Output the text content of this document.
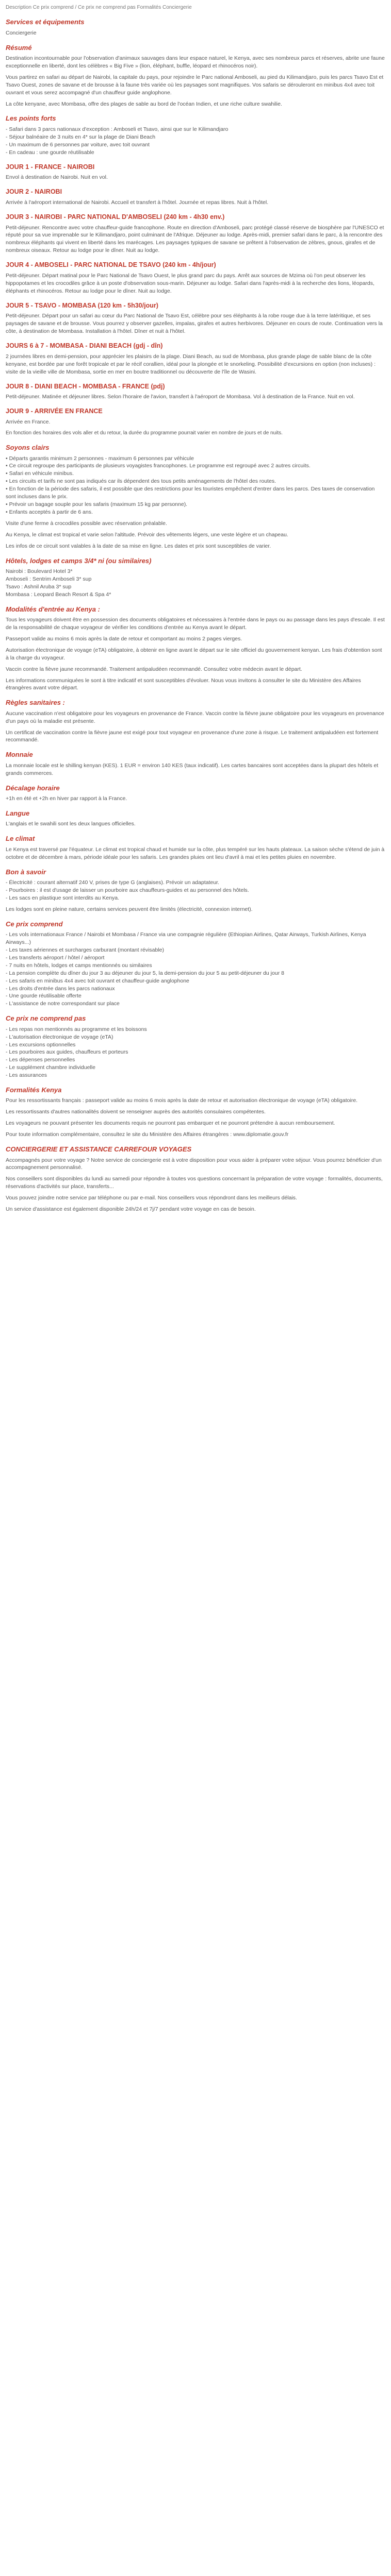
Description Ce prix comprend / Ce prix ne comprend pas Formalités Conciergerie
Services et équipements

Conciergerie

Résumé

Destination incontournable pour l'observation d'animaux sauvages dans leur espace naturel, le Kenya, avec ses nombreux parcs et réserves, abrite une faune exceptionnelle en liberté, dont les célèbres « Big Five » (lion, éléphant, buffle, léopard et rhinocéros noir).

Vous partirez en safari au départ de Nairobi, la capitale du pays, pour rejoindre le Parc national Amboseli, au pied du Kilimandjaro, puis les parcs Tsavo Est et Tsavo Ouest, zones de savane et de brousse à la faune très variée où les paysages sont magnifiques. Vos safaris se dérouleront en minibus 4x4 avec toit ouvrant et vous serez accompagné d'un chauffeur guide anglophone.

La côte kenyane, avec Mombasa, offre des plages de sable au bord de l'océan Indien, et une riche culture swahilie.

Les points forts
- Safari dans 3 parcs nationaux d'exception : Amboseli et Tsavo, ainsi que sur le Kilimandjaro
- Séjour balnéaire de 3 nuits en 4* sur la plage de Diani Beach
- Un maximum de 6 personnes par voiture, avec toit ouvrant
- En cadeau : une gourde réutilisable
JOUR 1 - FRANCE - NAIROBI

Envol à destination de Nairobi. Nuit en vol.

JOUR 2 - NAIROBI

Arrivée à l'aéroport international de Nairobi. Accueil et transfert à l'hôtel. Journée et repas libres. Nuit à l'hôtel.

JOUR 3 - NAIROBI - PARC NATIONAL D'AMBOSELI (240 km - 4h30 env.)

Petit-déjeuner. Rencontre avec votre chauffeur-guide francophone. Route en direction d'Amboseli, parc protégé classé réserve de biosphère par l'UNESCO et réputé pour sa vue imprenable sur le Kilimandjaro, point culminant de l'Afrique. Déjeuner au lodge. Après-midi, premier safari dans le parc, à la rencontre des nombreux éléphants qui vivent en liberté dans les marécages. Les paysages typiques de savane se prêtent à l'observation de zèbres, gnous, girafes et de nombreux oiseaux. Retour au lodge pour le dîner. Nuit au lodge.

JOUR 4 - AMBOSELI - PARC NATIONAL DE TSAVO (240 km - 4h/jour)

Petit-déjeuner. Départ matinal pour le Parc National de Tsavo Ouest, le plus grand parc du pays. Arrêt aux sources de Mzima où l'on peut observer les hippopotames et les crocodiles grâce à un poste d'observation sous-marin. Déjeuner au lodge. Safari dans l'après-midi à la recherche des lions, léopards, éléphants et rhinocéros. Retour au lodge pour le dîner. Nuit au lodge.

JOUR 5 - TSAVO - MOMBASA (120 km - 5h30/jour)

Petit-déjeuner. Départ pour un safari au cœur du Parc National de Tsavo Est, célèbre pour ses éléphants à la robe rouge due à la terre latéritique, et ses paysages de savane et de brousse. Vous pourrez y observer gazelles, impalas, girafes et autres herbivores. Déjeuner en cours de route. Continuation vers la côte, à destination de Mombasa. Installation à l'hôtel. Dîner et nuit à l'hôtel.

JOURS 6 à 7 - MOMBASA - DIANI BEACH (gdj - dîn)

2 journées libres en demi-pension, pour apprécier les plaisirs de la plage. Diani Beach, au sud de Mombasa, plus grande plage de sable blanc de la côte kenyane, est bordée par une forêt tropicale et par le récif corallien, idéal pour la plongée et le snorkeling. Possibilité d'excursions en option (non incluses) : visite de la vieille ville de Mombasa, sortie en mer en boutre traditionnel ou découverte de l'île de Wasini.

JOUR 8 - DIANI BEACH - MOMBASA - FRANCE (pdj)

Petit-déjeuner. Matinée et déjeuner libres. Selon l'horaire de l'avion, transfert à l'aéroport de Mombasa. Vol à destination de la France. Nuit en vol.

JOUR 9 - ARRIVÉE EN FRANCE

Arrivée en France.

En fonction des horaires des vols aller et du retour, la durée du programme pourrait varier en nombre de jours et de nuits.

Soyons clairs
• Départs garantis minimum 2 personnes - maximum 6 personnes par véhicule
• Ce circuit regroupe des participants de plusieurs voyagistes francophones. Le programme est regroupé avec 2 autres circuits.
• Safari en véhicule minibus.
• Les circuits et tarifs ne sont pas indiqués car ils dépendent des tous petits aménagements de l'hôtel des routes.
• En fonction de la période des safaris, il est possible que des restrictions pour les touristes empêchent d'entrer dans les parcs. Des taxes de conservation sont incluses dans le prix.
• Prévoir un bagage souple pour les safaris (maximum 15 kg par personne).
• Enfants acceptés à partir de 6 ans.

Visite d'une ferme à crocodiles possible avec réservation préalable.

Au Kenya, le climat est tropical et varie selon l'altitude. Prévoir des vêtements légers, une veste légère et un chapeau.

Les infos de ce circuit sont valables à la date de sa mise en ligne. Les dates et prix sont susceptibles de varier.

Hôtels, lodges et camps 3/4* ni (ou similaires)
Nairobi : Boulevard Hotel 3*
Amboseli : Sentrim Amboseli 3* sup
Tsavo : Ashnil Aruba 3* sup
Mombasa : Leopard Beach Resort & Spa 4*
Modalités d'entrée au Kenya :

Tous les voyageurs doivent être en possession des documents obligatoires et nécessaires à l'entrée dans le pays ou au passage dans les pays d'escale. Il est de la responsabilité de chaque voyageur de vérifier les conditions d'entrée au Kenya avant le départ.

Passeport valide au moins 6 mois après la date de retour et comportant au moins 2 pages vierges.

Autorisation électronique de voyage (eTA) obligatoire, à obtenir en ligne avant le départ sur le site officiel du gouvernement kenyan. Les frais d'obtention sont à la charge du voyageur.

Vaccin contre la fièvre jaune recommandé. Traitement antipaludéen recommandé. Consultez votre médecin avant le départ.

Les informations communiquées le sont à titre indicatif et sont susceptibles d'évoluer. Nous vous invitons à consulter le site du Ministère des Affaires étrangères avant votre départ.

Règles sanitaires :

Aucune vaccination n'est obligatoire pour les voyageurs en provenance de France. Vaccin contre la fièvre jaune obligatoire pour les voyageurs en provenance d'un pays où la maladie est présente.

Un certificat de vaccination contre la fièvre jaune est exigé pour tout voyageur en provenance d'une zone à risque. Le traitement antipaludéen est fortement recommandé.

Monnaie

La monnaie locale est le shilling kenyan (KES). 1 EUR = environ 140 KES (taux indicatif). Les cartes bancaires sont acceptées dans la plupart des hôtels et grands commerces.

Décalage horaire

+1h en été et +2h en hiver par rapport à la France.

Langue

L'anglais et le swahili sont les deux langues officielles.

Le climat

Le Kenya est traversé par l'équateur. Le climat est tropical chaud et humide sur la côte, plus tempéré sur les hauts plateaux. La saison sèche s'étend de juin à octobre et de décembre à mars, période idéale pour les safaris. Les grandes pluies ont lieu d'avril à mai et les petites pluies en novembre.

Bon à savoir
- Électricité : courant alternatif 240 V, prises de type G (anglaises). Prévoir un adaptateur.
- Pourboires : il est d'usage de laisser un pourboire aux chauffeurs-guides et au personnel des hôtels.
- Les sacs en plastique sont interdits au Kenya.

Les lodges sont en pleine nature, certains services peuvent être limités (électricité, connexion internet).

Ce prix comprend
- Les vols internationaux France / Nairobi et Mombasa / France via une compagnie régulière (Ethiopian Airlines, Qatar Airways, Turkish Airlines, Kenya Airways...)
- Les taxes aériennes et surcharges carburant (montant révisable)
- Les transferts aéroport / hôtel / aéroport
- 7 nuits en hôtels, lodges et camps mentionnés ou similaires
- La pension complète du dîner du jour 3 au déjeuner du jour 5, la demi-pension du jour 5 au petit-déjeuner du jour 8
- Les safaris en minibus 4x4 avec toit ouvrant et chauffeur-guide anglophone
- Les droits d'entrée dans les parcs nationaux
- Une gourde réutilisable offerte
- L'assistance de notre correspondant sur place
Ce prix ne comprend pas
- Les repas non mentionnés au programme et les boissons
- L'autorisation électronique de voyage (eTA)
- Les excursions optionnelles
- Les pourboires aux guides, chauffeurs et porteurs
- Les dépenses personnelles
- Le supplément chambre individuelle
- Les assurances
Formalités Kenya

Pour les ressortissants français : passeport valide au moins 6 mois après la date de retour et autorisation électronique de voyage (eTA) obligatoire.

Les ressortissants d'autres nationalités doivent se renseigner auprès des autorités consulaires compétentes.

Les voyageurs ne pouvant présenter les documents requis ne pourront pas embarquer et ne pourront prétendre à aucun remboursement.

Pour toute information complémentaire, consultez le site du Ministère des Affaires étrangères : www.diplomatie.gouv.fr

CONCIERGERIE ET ASSISTANCE CARREFOUR VOYAGES

Accompagnés pour votre voyage ? Notre service de conciergerie est à votre disposition pour vous aider à préparer votre séjour. Vous pourrez bénéficier d'un accompagnement personnalisé.

Nos conseillers sont disponibles du lundi au samedi pour répondre à toutes vos questions concernant la préparation de votre voyage : formalités, documents, réservations d'activités sur place, transferts...

Vous pouvez joindre notre service par téléphone ou par e-mail. Nos conseillers vous répondront dans les meilleurs délais.

Un service d'assistance est également disponible 24h/24 et 7j/7 pendant votre voyage en cas de besoin.
